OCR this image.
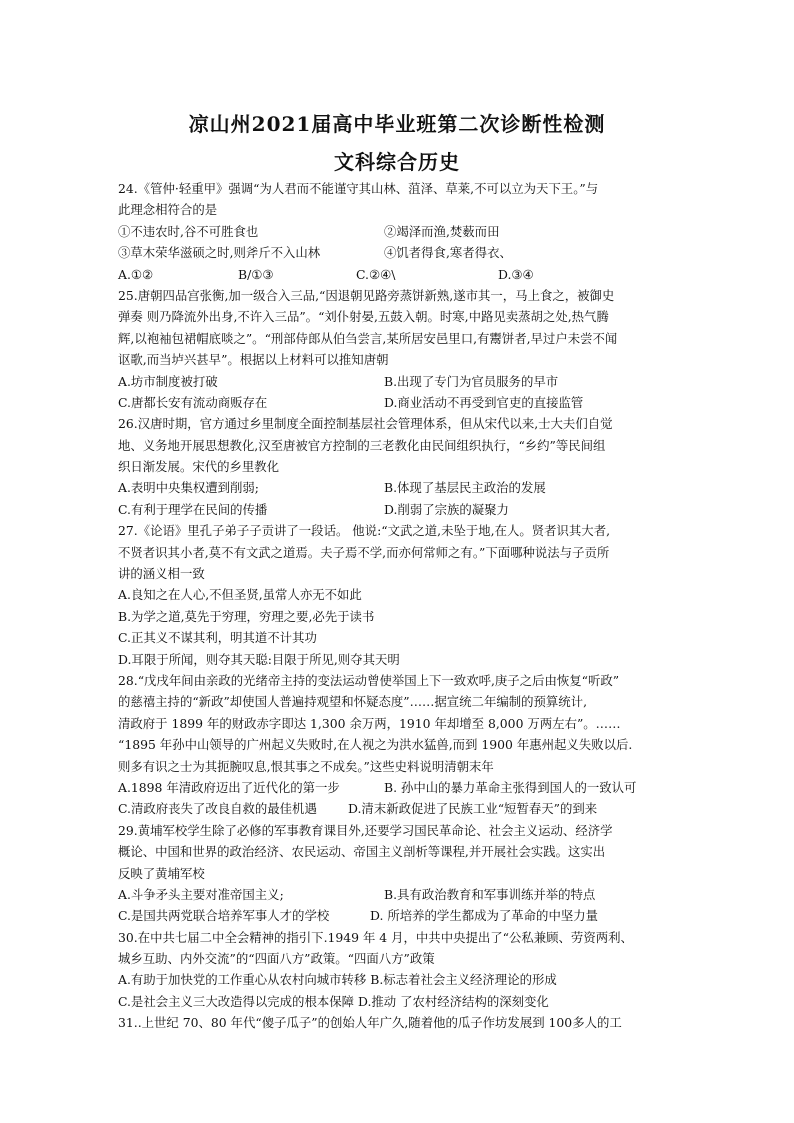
凉山州2021届高中毕业班第二次诊断性检测
文科综合历史
24.《管仲·轻重甲》强调“为人君而不能谨守其山林、菹泽、草莱,不可以立为天下王。”与
此理念相符合的是
①不违农时,谷不可胜食也	②竭泽而渔,焚薮而田
③草木荣华滋硕之时,则斧斤不入山林	④饥者得食,寒者得衣、
A.①②	B/①③	C.②④\	D.③④
25.唐朝四品宫张衡,加一级合入三品,“因退朝见路旁蒸饼新熟,遂市其一，马上食之，被御史
弹奏 则乃降流外出身,不许入三品”。“刘仆射晏,五鼓入朝。时寒,中路见卖蒸胡之处,热气腾
辉,以袍袖包裙帽底啖之”。“刑部侍郎从伯刍尝言,某所居安邑里口,有鬻饼者,早过户未尝不闻
讴歌,而当垆兴甚早”。根据以上材料可以推知唐朝
A.坊市制度被打破	B.出现了专门为官员服务的早市
C.唐都长安有流动商贩存在	D.商业活动不再受到官吏的直接监管
26.汉唐时期，官方通过乡里制度全面控制基层社会管理体系，但从宋代以来,士大夫们自觉
地、义务地开展思想教化,汉至唐被官方控制的三老教化由民间组织执行，“乡约”等民间组
织日渐发展。宋代的乡里教化
A.表明中央集权遭到削弱;	B.体现了基层民主政治的发展
C.有利于理学在民间的传播	D.削弱了宗族的凝聚力
27.《论语》里孔子弟子子贡讲了一段话。 他说:“文武之道,未坠于地,在人。贤者识其大者,
不贤者识其小者,莫不有文武之道焉。夫子焉不学,而亦何常师之有。”下面哪种说法与子贡所
讲的涵义相一致
A.良知之在人心,不但圣贤,虽常人亦无不如此
B.为学之道,莫先于穷理，穷理之要,必先于读书
C.正其义不谋其利，明其道不计其功
D.耳限于所闻，则夺其天聪:目限于所见,则夺其天明
28.“戊戌年间由亲政的光绪帝主持的变法运动曾使举国上下一致欢呼,庚子之后由恢复“听政”
的慈禧主持的“新政”却使国人普遍持观望和怀疑态度”……据宣统二年编制的预算统计,
清政府于 1899 年的财政赤字即达 1,300 余万两，1910 年却增至 8,000 万两左右”。……
“1895 年孙中山领导的广州起义失败时,在人视之为洪水猛兽,而到 1900 年惠州起义失败以后.
则多有识之士为其扼腕叹息,恨其事之不成矣。”这些史料说明清朝末年
A.1898 年清政府迈出了近代化的第一步	B. 孙中山的暴力革命主张得到国人的一致认可
C.清政府丧失了改良自救的最佳机遇	D.清末新政促进了民族工业“短暂春天”的到来
29.黄埔军校学生除了必修的军事教育课目外,还要学习国民革命论、社会主义运动、经济学
概论、中国和世界的政治经济、农民运动、帝国主义剖析等课程,并开展社会实践。这实出
反映了黄埔军校
A.斗争矛头主要对准帝国主义;	B.具有政治教育和军事训练并举的特点
C.是国共两党联合培养军事人才的学校	D. 所培养的学生都成为了革命的中坚力量
30.在中共七届二中全会精神的指引下.1949 年 4 月，中共中央提出了“公私兼顾、劳资两利、
城乡互助、内外交流”的“四面八方”政策。“四面八方”政策
A.有助于加快党的工作重心从农村向城市转移 B.标志着社会主义经济理论的形成
C.是社会主义三大改造得以完成的根本保障 D.推动 了农村经济结构的深刻变化
31..上世纪 70、80 年代“傻子瓜子”的创始人年广久,随着他的瓜子作坊发展到 100多人的工
